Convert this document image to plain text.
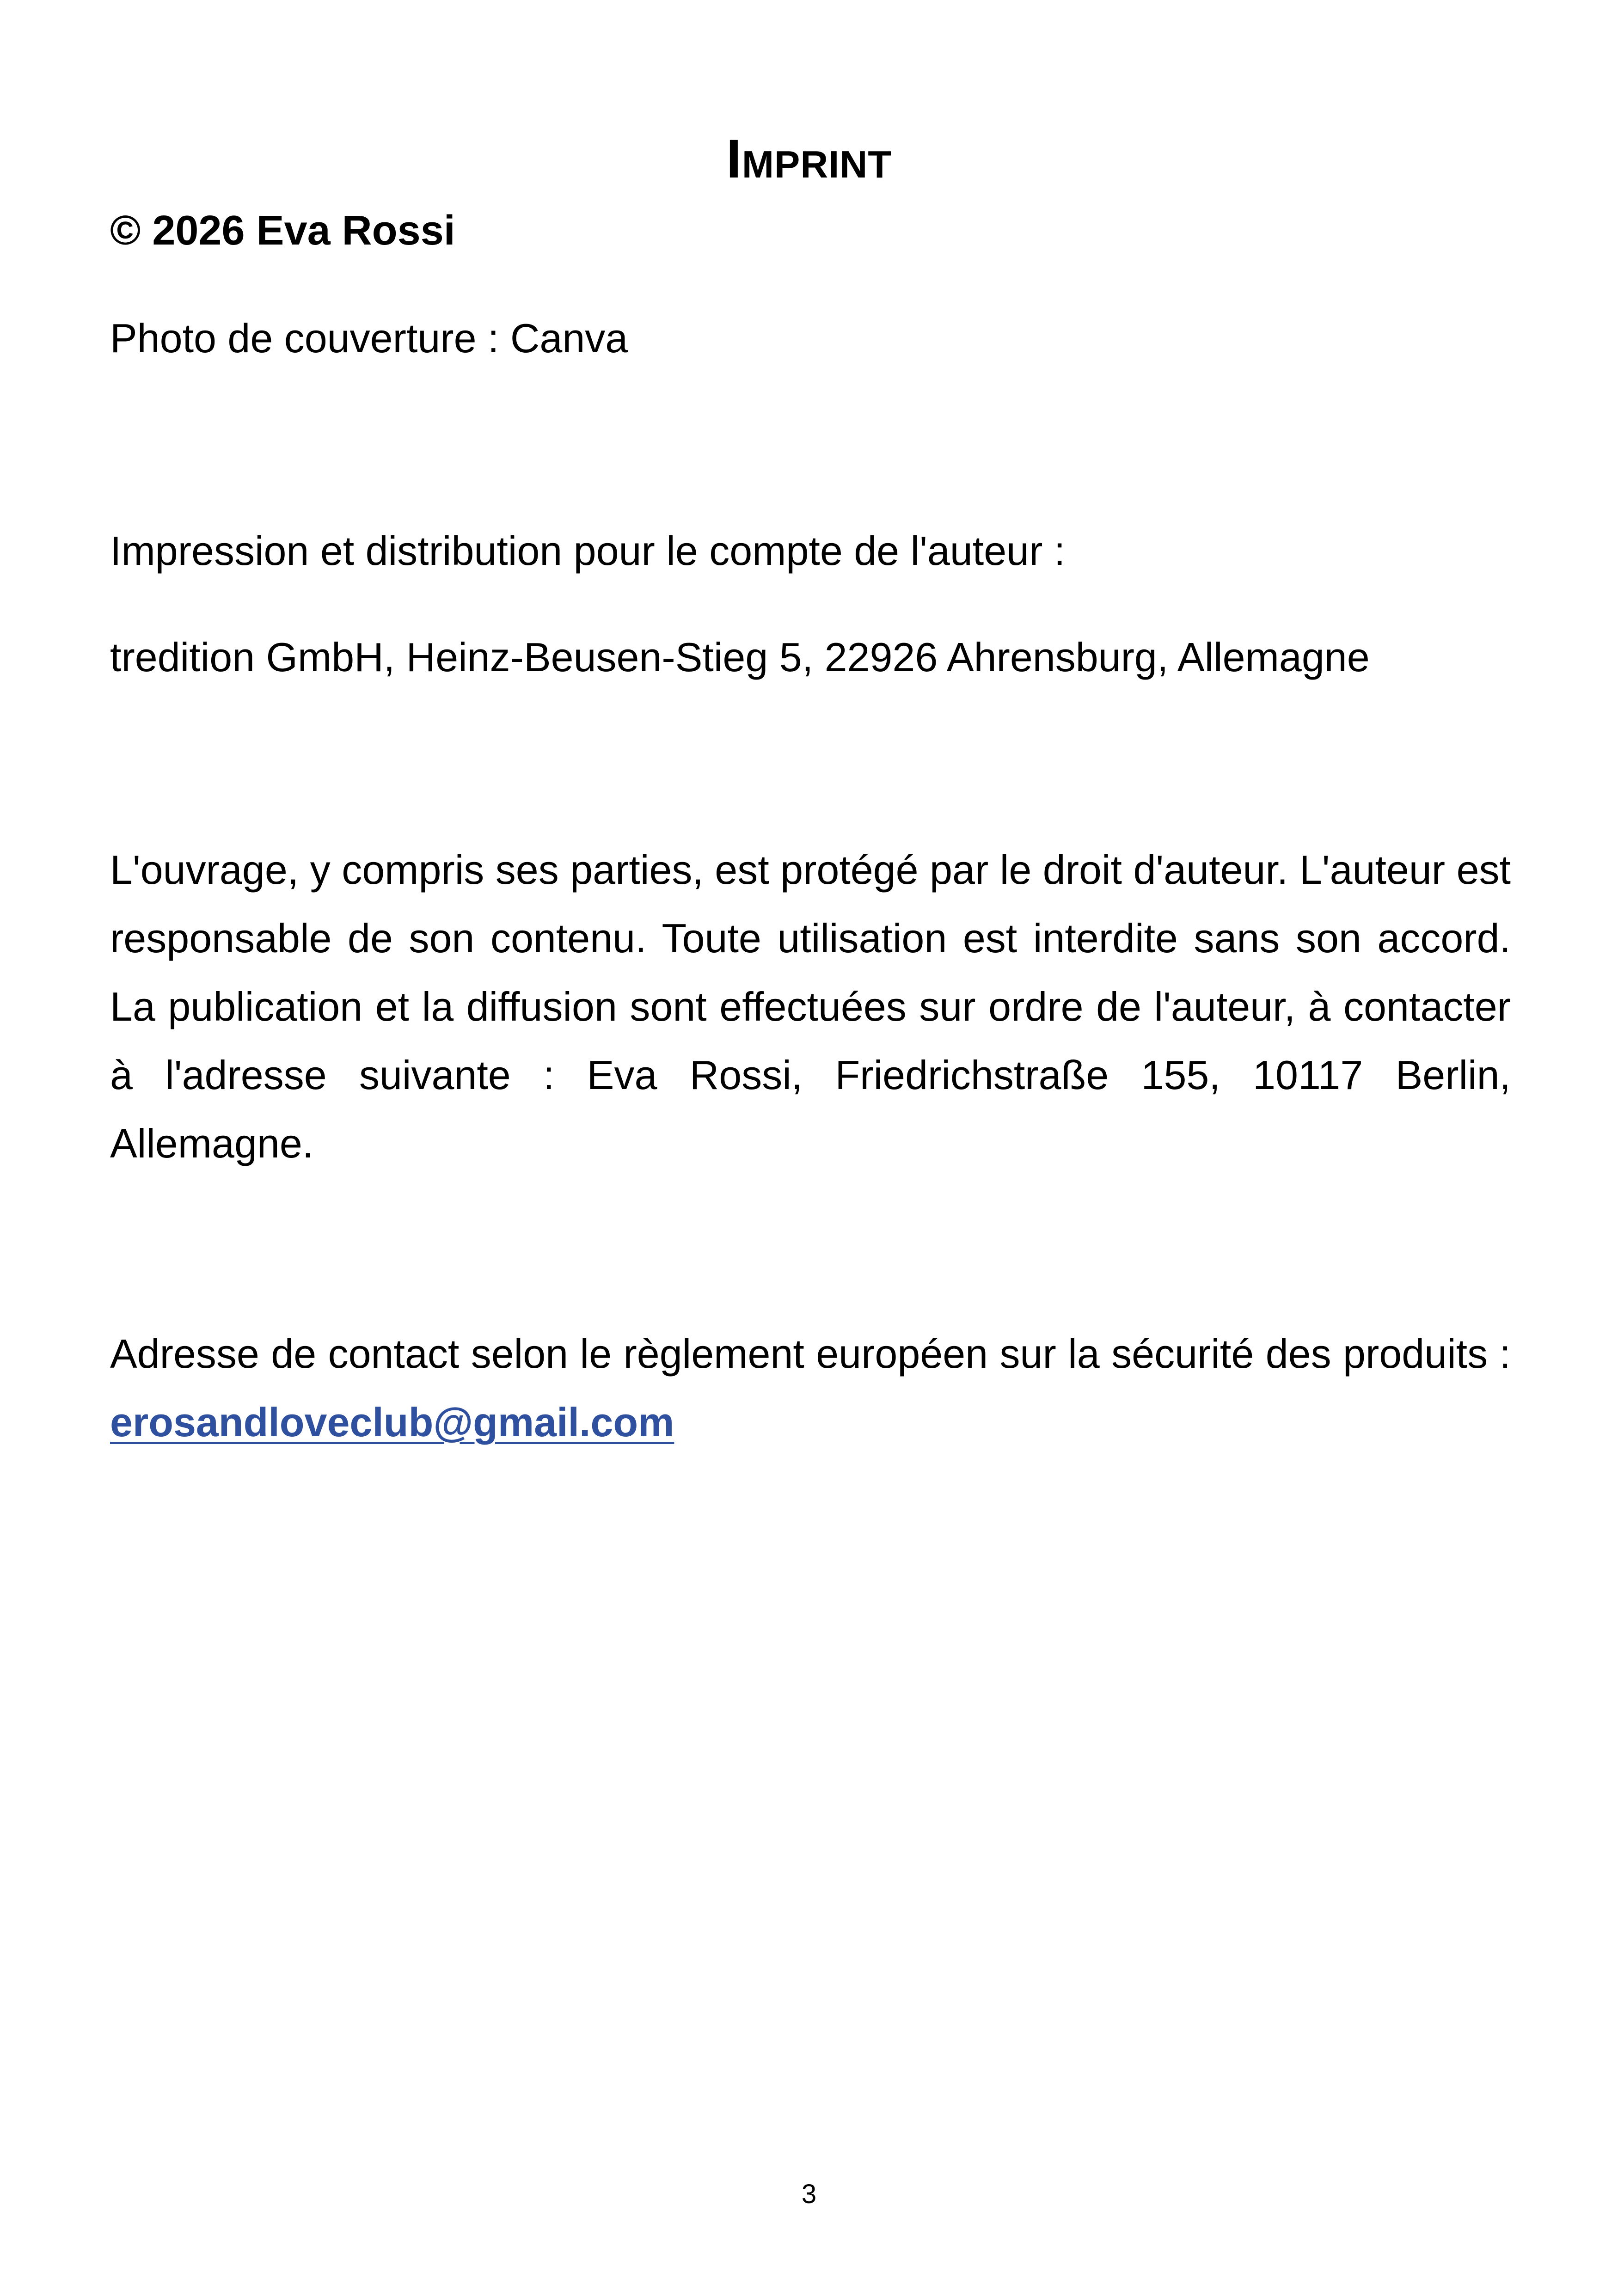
Imprint
© 2026 Eva Rossi
Photo de couverture : Canva
Impression et distribution pour le compte de l'auteur :
tredition GmbH, Heinz-Beusen-Stieg 5, 22926 Ahrensburg, Allemagne
L'ouvrage, y compris ses parties, est protégé par le droit d'auteur. L'auteur est responsable de son contenu. Toute utilisation est interdite sans son accord. La publication et la diffusion sont effectuées sur ordre de l'auteur, à contacter à l'adresse suivante : Eva Rossi, Friedrichstraße 155, 10117 Berlin, Allemagne.
Adresse de contact selon le règlement européen sur la sécurité des produits : erosandloveclub@gmail.com
3
